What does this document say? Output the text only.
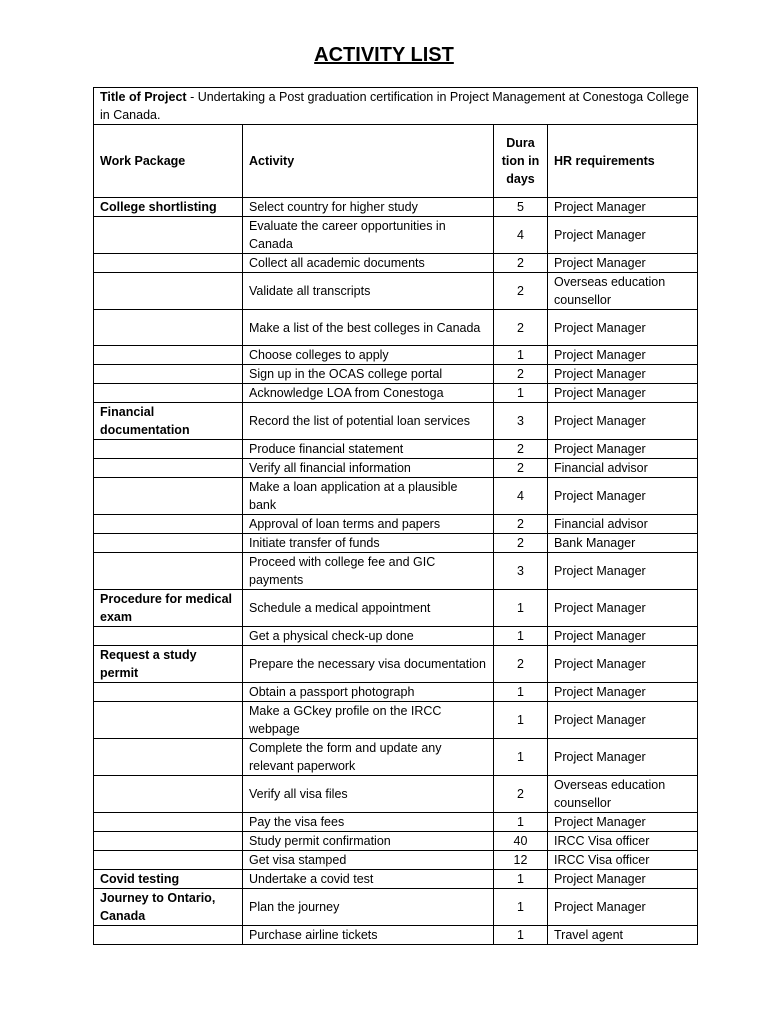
ACTIVITY LIST
Title of Project - Undertaking a Post graduation certification in Project Management at Conestoga College in Canada.			
Work Package	Activity	Dura tion in days	HR requirements
College shortlisting	Select country for higher study	5	Project Manager
	Evaluate the career opportunities in Canada	4	Project Manager
	Collect all academic documents	2	Project Manager
	Validate all transcripts	2	Overseas education counsellor
	Make a list of the best colleges in Canada	2	Project Manager
	Choose colleges to apply	1	Project Manager
	Sign up in the OCAS college portal	2	Project Manager
	Acknowledge LOA from Conestoga	1	Project Manager
Financial documentation	Record the list of potential loan services	3	Project Manager
	Produce financial statement	2	Project Manager
	Verify all financial information	2	Financial advisor
	Make a loan application at a plausible bank	4	Project Manager
	Approval of loan terms and papers	2	Financial advisor
	Initiate transfer of funds	2	Bank Manager
	Proceed with college fee and GIC payments	3	Project Manager
Procedure for medical exam	Schedule a medical appointment	1	Project Manager
	Get a physical check-up done	1	Project Manager
Request a study permit	Prepare the necessary visa documentation	2	Project Manager
	Obtain a passport photograph	1	Project Manager
	Make a GCkey profile on the IRCC webpage	1	Project Manager
	Complete the form and update any relevant paperwork	1	Project Manager
	Verify all visa files	2	Overseas education counsellor
	Pay the visa fees	1	Project Manager
	Study permit confirmation	40	IRCC Visa officer
	Get visa stamped	12	IRCC Visa officer
Covid testing	Undertake a covid test	1	Project Manager
Journey to Ontario, Canada	Plan the journey	1	Project Manager
	Purchase airline tickets	1	Travel agent
